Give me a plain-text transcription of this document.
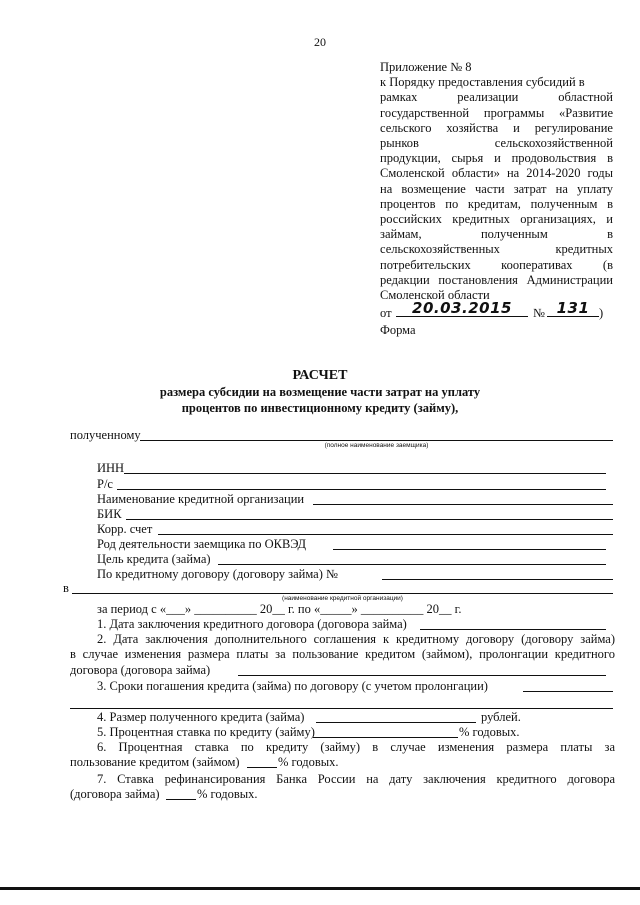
20

Приложение № 8

к Порядку предоставления субсидий в
рамках реализации областной
государственной программы «Развитие
сельского хозяйства и регулирование
рынков сельскохозяйственной
продукции, сырья и продовольствия в
Смоленской области» на 2014-2020 годы
на возмещение части затрат на уплату
процентов по кредитам, полученным в
российских кредитных организациях, и
займам, полученным в
сельскохозяйственных кредитных
потребительских кооперативах (в
редакции постановления Администрации
Смоленской области
от	20.03.2015	№ 131 )

Форма

РАСЧЕТ
размера субсидии на возмещение части затрат на уплату
процентов по инвестиционному кредиту (займу),
полученному
(полное наименование заемщика)
ИНН
Р/с
Наименование кредитной организации
БИК
Корр. счет
Род деятельности заемщика по ОКВЭД
Цель кредита (займа)
По кредитному договору (договору займа) №
в
(наименование кредитной организации)
за период с «___» __________ 20__ г. по «_____» __________ 20__ г.
1. Дата заключения кредитного договора (договора займа)
2. Дата заключения дополнительного соглашения к кредитному договору (договору займа)
в случае изменения размера платы за пользование кредитом (займом), пролонгации кредитного
договора (договора займа)
3. Сроки погашения кредита (займа) по договору (с учетом пролонгации)
4. Размер полученного кредита (займа)	рублей.
5. Процентная ставка по кредиту (займу)	% годовых.
6. Процентная ставка по кредиту (займу) в случае изменения размера платы за
пользование кредитом (займом)	% годовых.
7. Ставка рефинансирования Банка России на дату заключения кредитного договора
(договора займа)	% годовых.
